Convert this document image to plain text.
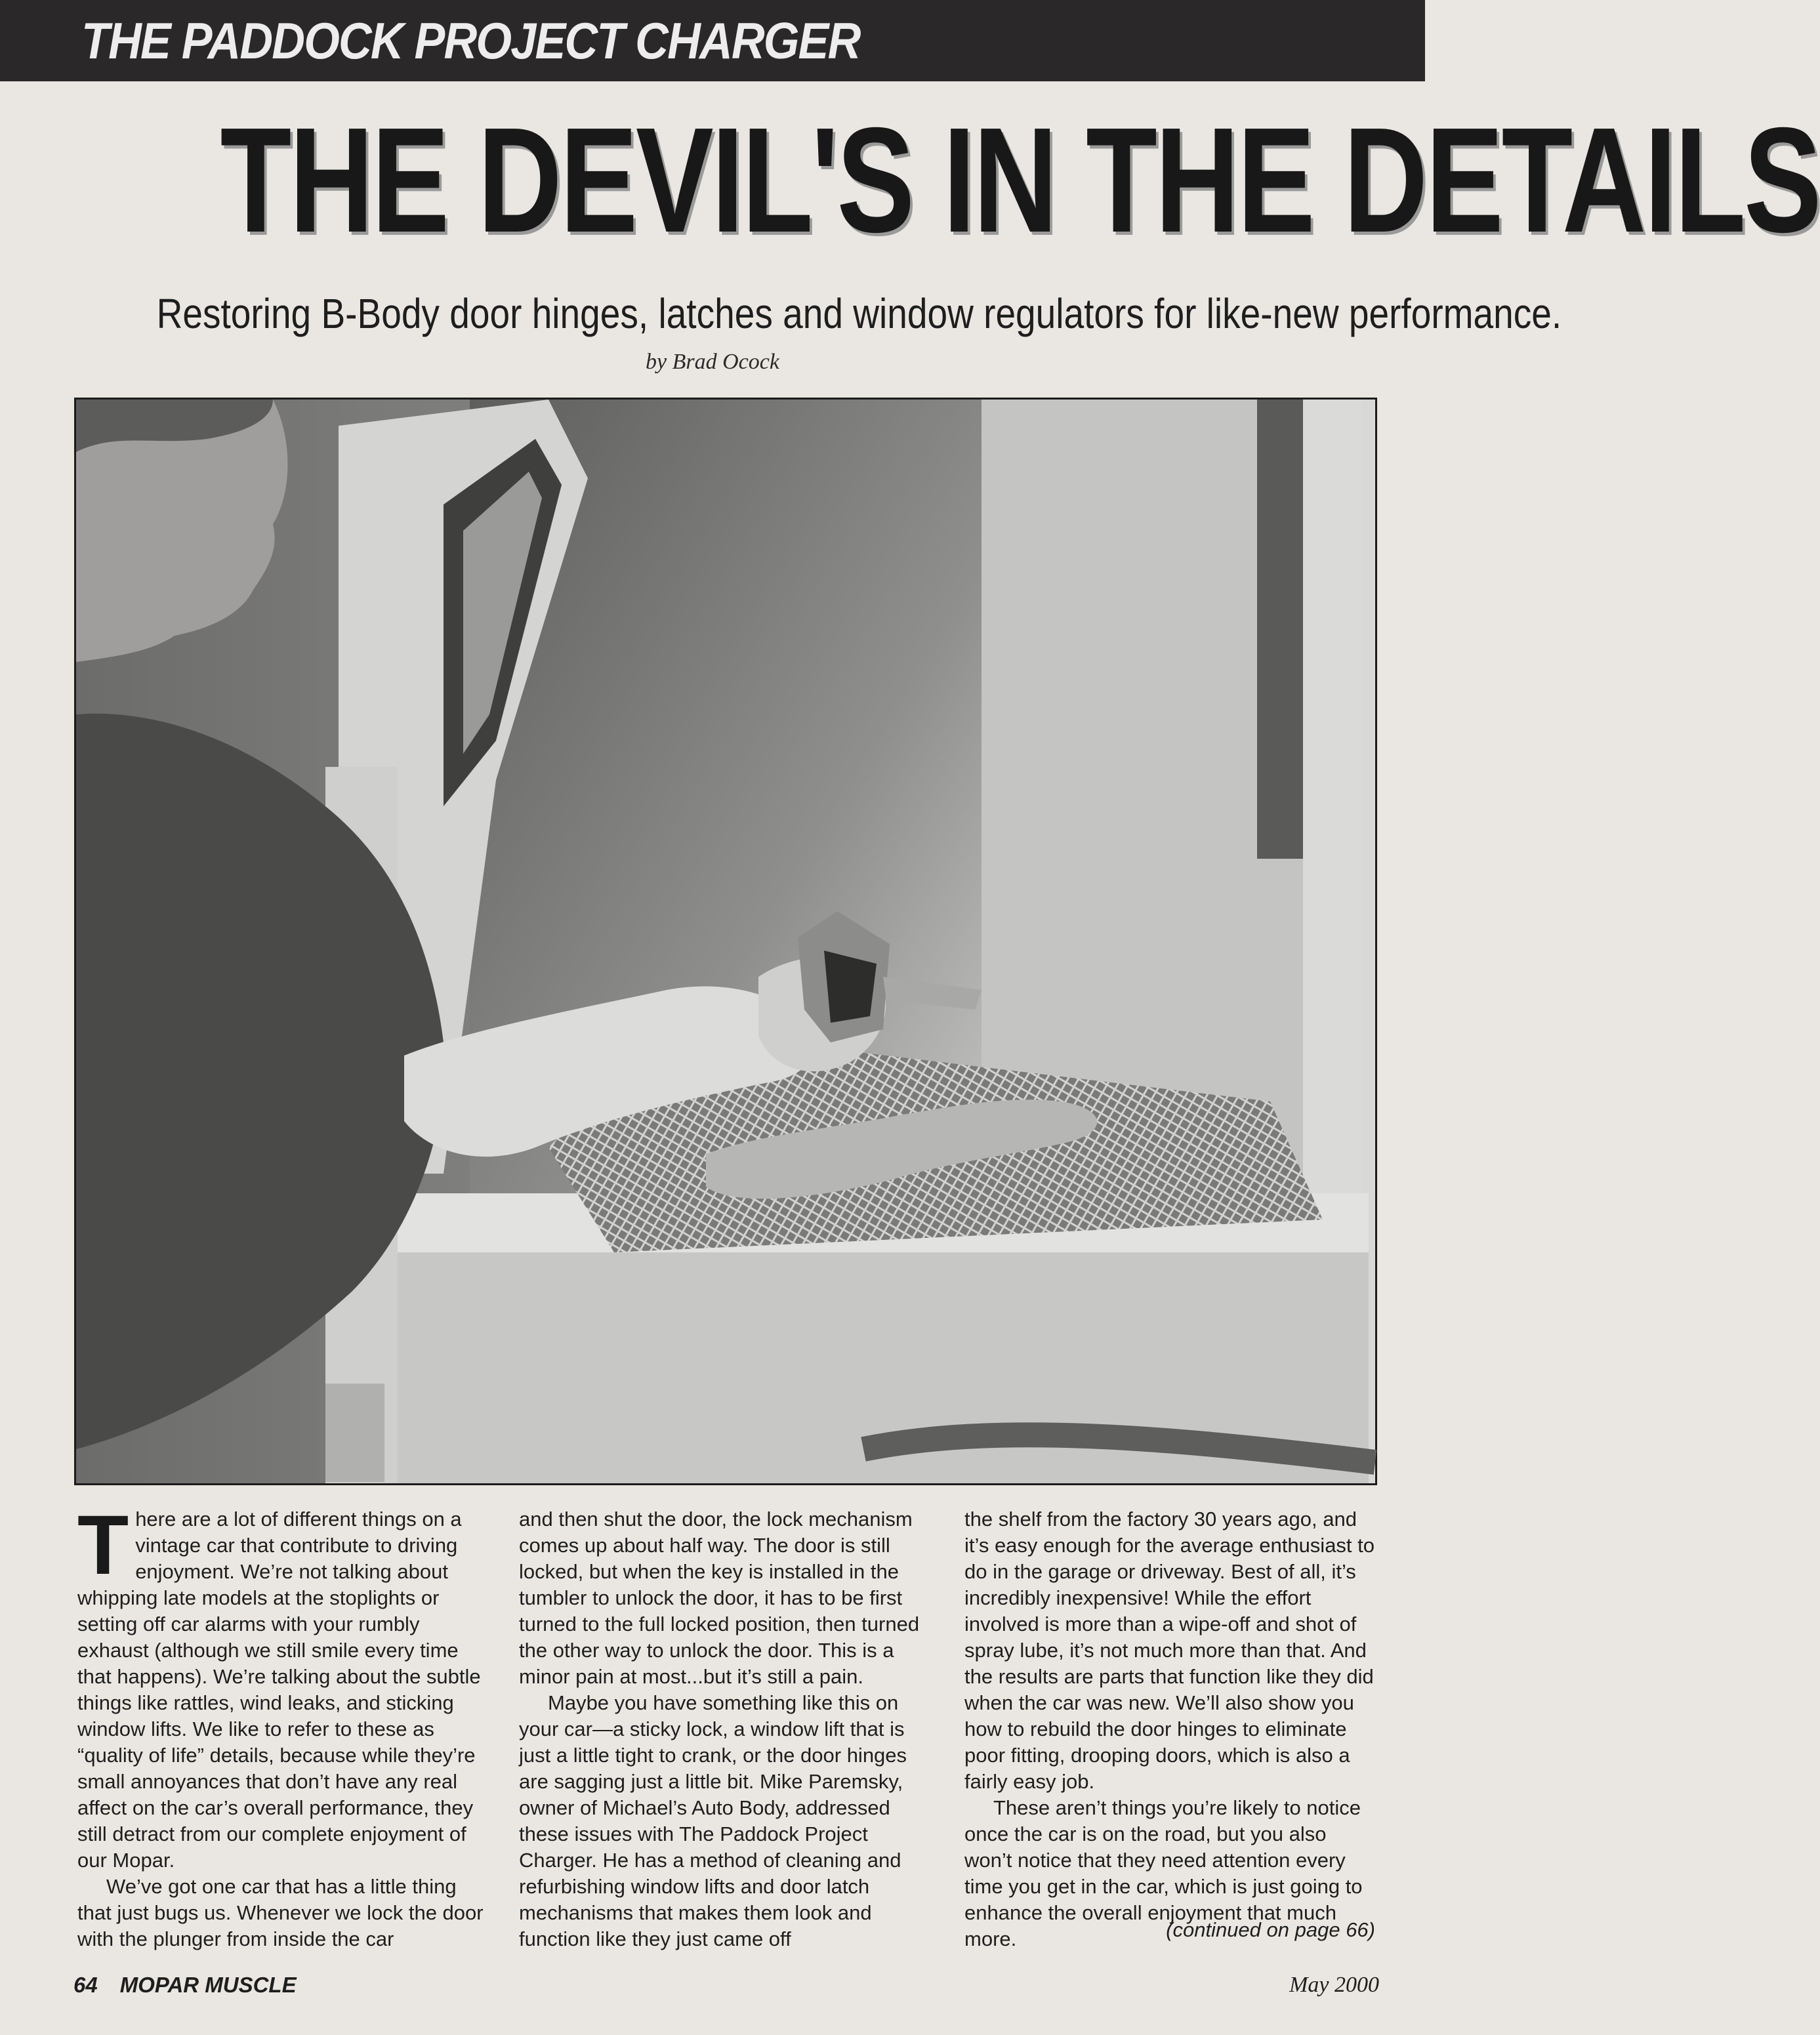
THE PADDOCK PROJECT CHARGER
THE DEVIL'S IN THE DETAILS
Restoring B-Body door hinges, latches and window regulators for like-new performance.
by Brad Ocock
T here are a lot of different things on a vintage car that contribute to driving enjoyment. We’re not talking about whipping late models at the stoplights or setting off car alarms with your rumbly exhaust (although we still smile every time that happens). We’re talking about the subtle things like rattles, wind leaks, and sticking window lifts. We like to refer to these as “quality of life” details, because while they’re small annoyances that don’t have any real affect on the car’s overall performance, they still detract from our complete enjoyment of our Mopar.

We’ve got one car that has a little thing that just bugs us. Whenever we lock the door with the plunger from inside the car

and then shut the door, the lock mechanism comes up about half way. The door is still locked, but when the key is installed in the tumbler to unlock the door, it has to be first turned to the full locked position, then turned the other way to unlock the door. This is a minor pain at most...but it’s still a pain.

Maybe you have something like this on your car—a sticky lock, a window lift that is just a little tight to crank, or the door hinges are sagging just a little bit. Mike Paremsky, owner of Michael’s Auto Body, addressed these issues with The Paddock Project Charger. He has a method of cleaning and refurbishing window lifts and door latch mechanisms that makes them look and function like they just came off

the shelf from the factory 30 years ago, and it’s easy enough for the average enthusiast to do in the garage or driveway. Best of all, it’s incredibly inexpensive! While the effort involved is more than a wipe-off and shot of spray lube, it’s not much more than that. And the results are parts that function like they did when the car was new. We’ll also show you how to rebuild the door hinges to eliminate poor fitting, drooping doors, which is also a fairly easy job.

These aren’t things you’re likely to notice once the car is on the road, but you also won’t notice that they need attention every time you get in the car, which is just going to enhance the overall enjoyment that much more.	(continued on page 66)
64 MOPAR MUSCLE	May 2000
